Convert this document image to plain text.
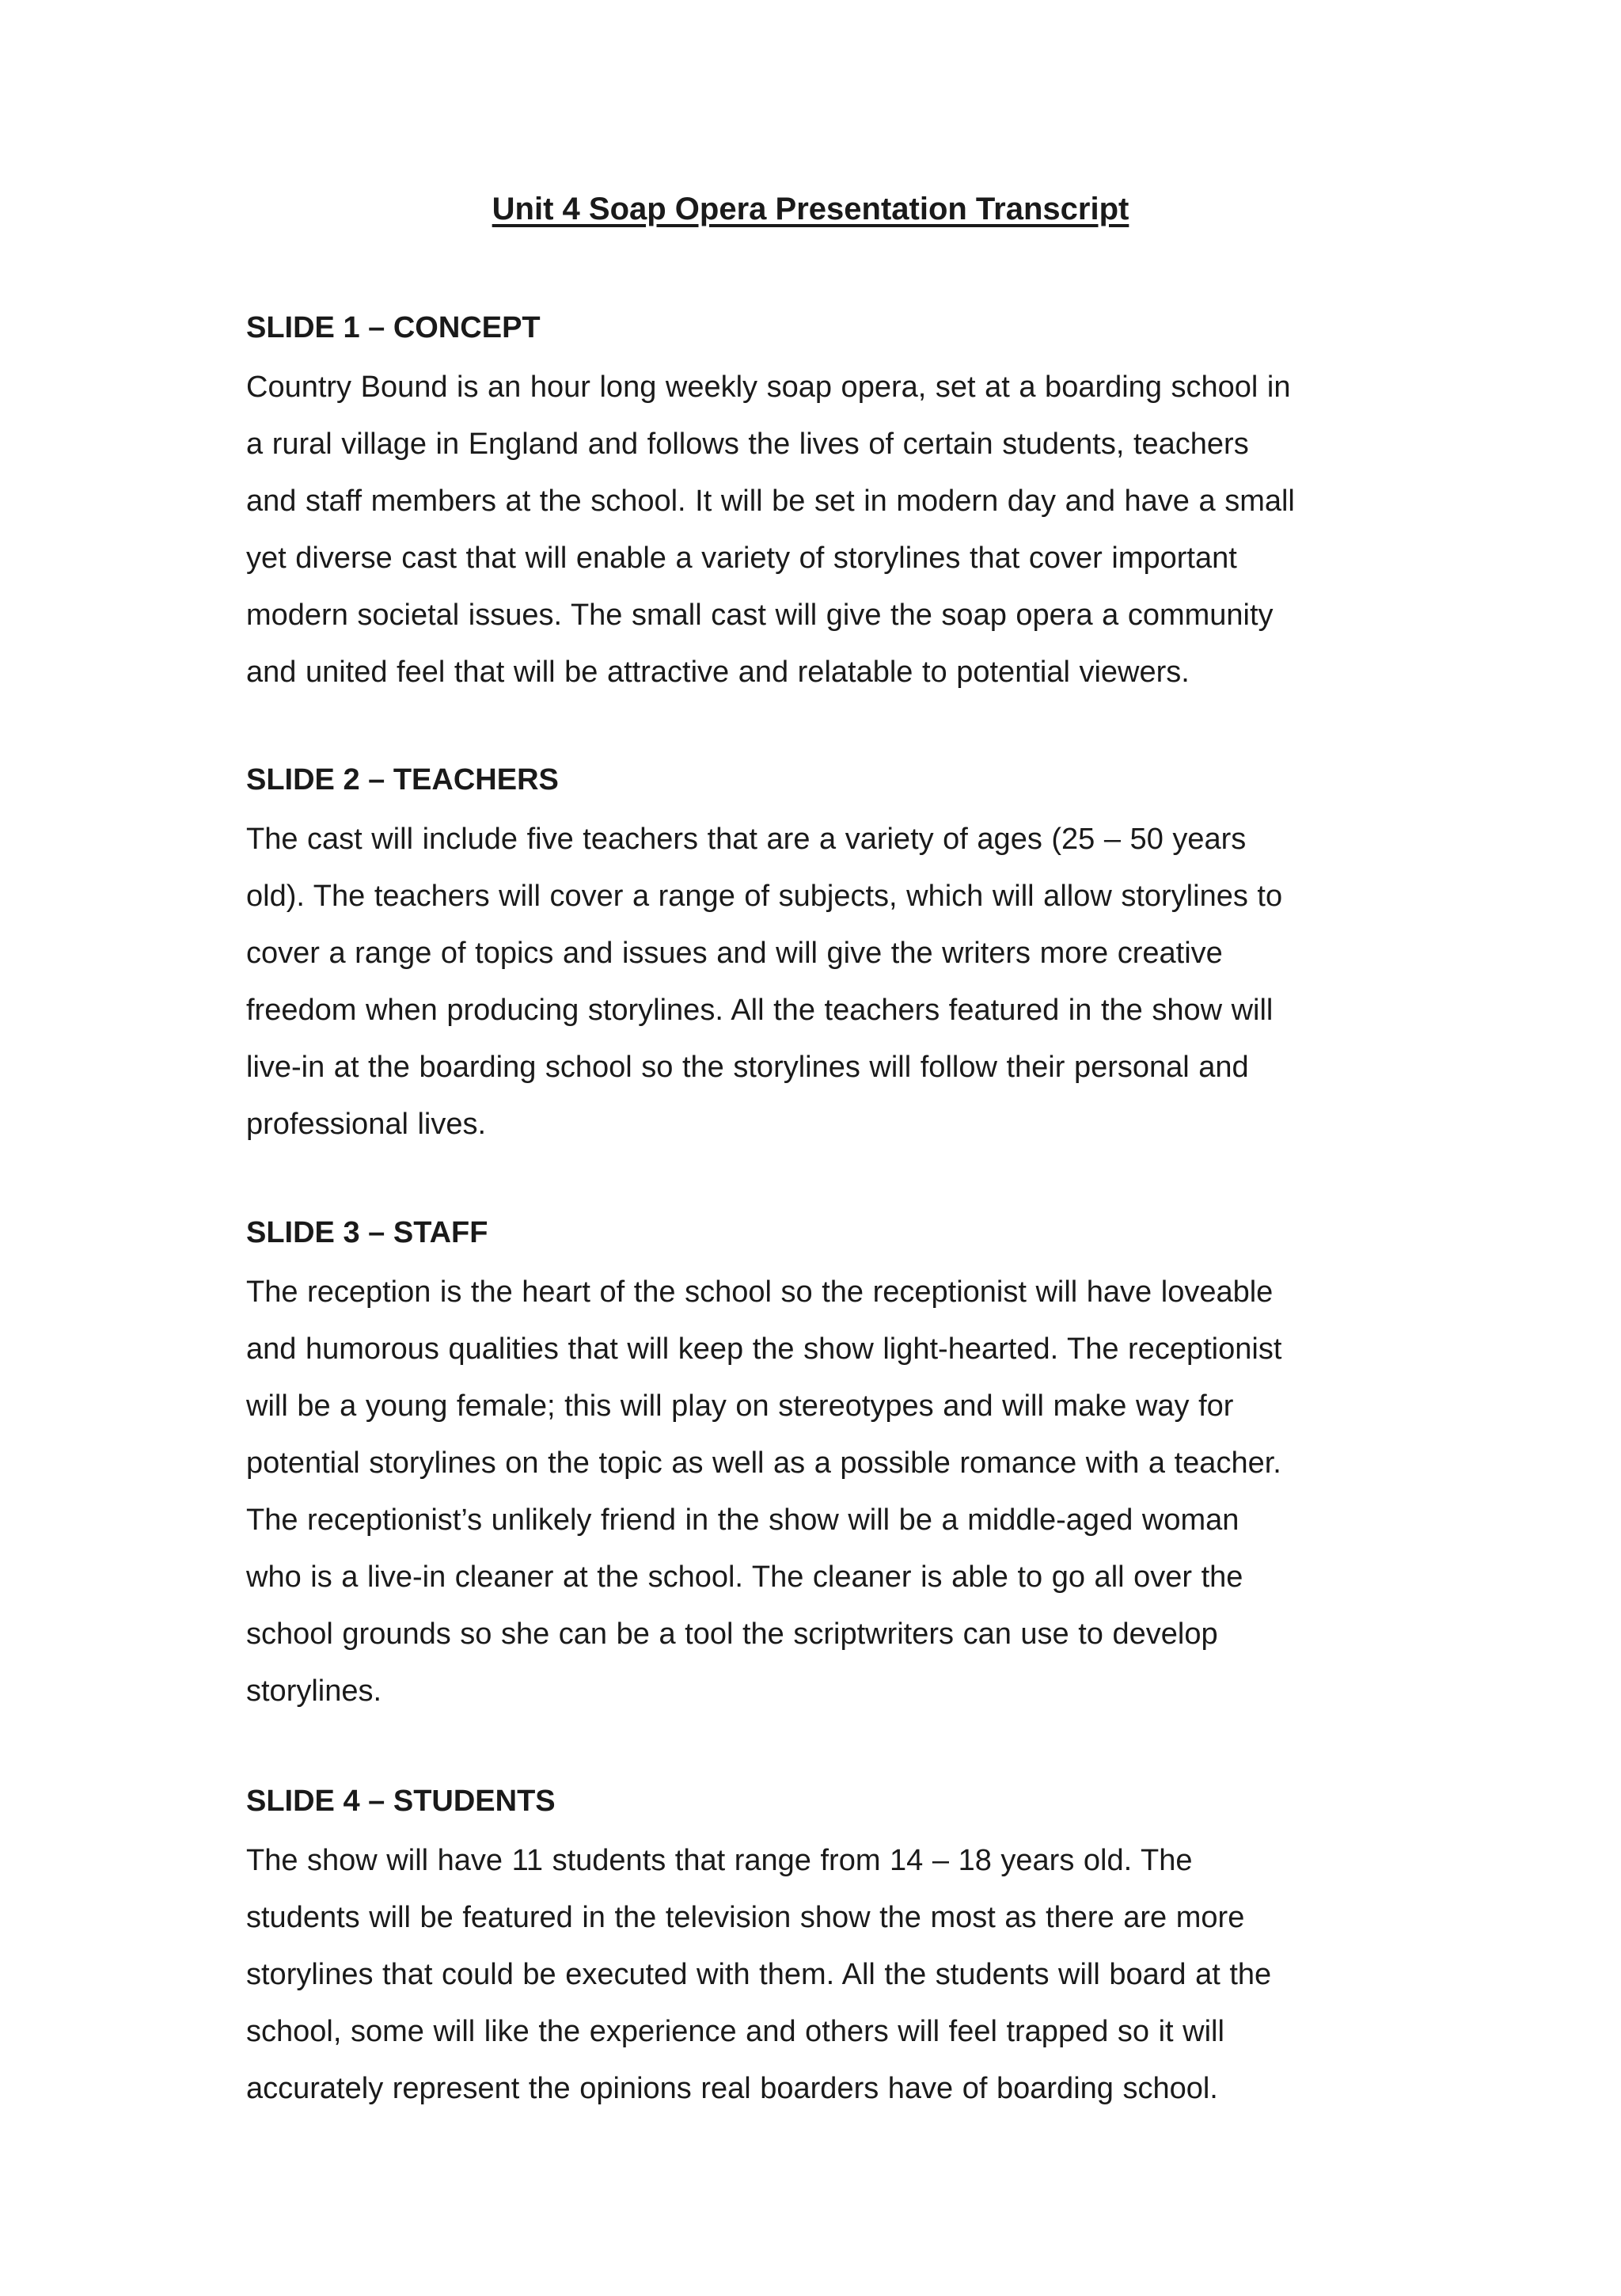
Unit 4 Soap Opera Presentation Transcript
SLIDE 1 – CONCEPT

Country Bound is an hour long weekly soap opera, set at a boarding school in
a rural village in England and follows the lives of certain students, teachers
and staff members at the school. It will be set in modern day and have a small
yet diverse cast that will enable a variety of storylines that cover important
modern societal issues. The small cast will give the soap opera a community
and united feel that will be attractive and relatable to potential viewers.

SLIDE 2 – TEACHERS

The cast will include five teachers that are a variety of ages (25 – 50 years
old). The teachers will cover a range of subjects, which will allow storylines to
cover a range of topics and issues and will give the writers more creative
freedom when producing storylines. All the teachers featured in the show will
live-in at the boarding school so the storylines will follow their personal and
professional lives.

SLIDE 3 – STAFF

The reception is the heart of the school so the receptionist will have loveable
and humorous qualities that will keep the show light-hearted. The receptionist
will be a young female; this will play on stereotypes and will make way for
potential storylines on the topic as well as a possible romance with a teacher.
The receptionist’s unlikely friend in the show will be a middle-aged woman
who is a live-in cleaner at the school. The cleaner is able to go all over the
school grounds so she can be a tool the scriptwriters can use to develop
storylines.

SLIDE 4 – STUDENTS

The show will have 11 students that range from 14 – 18 years old. The
students will be featured in the television show the most as there are more
storylines that could be executed with them. All the students will board at the
school, some will like the experience and others will feel trapped so it will
accurately represent the opinions real boarders have of boarding school.
